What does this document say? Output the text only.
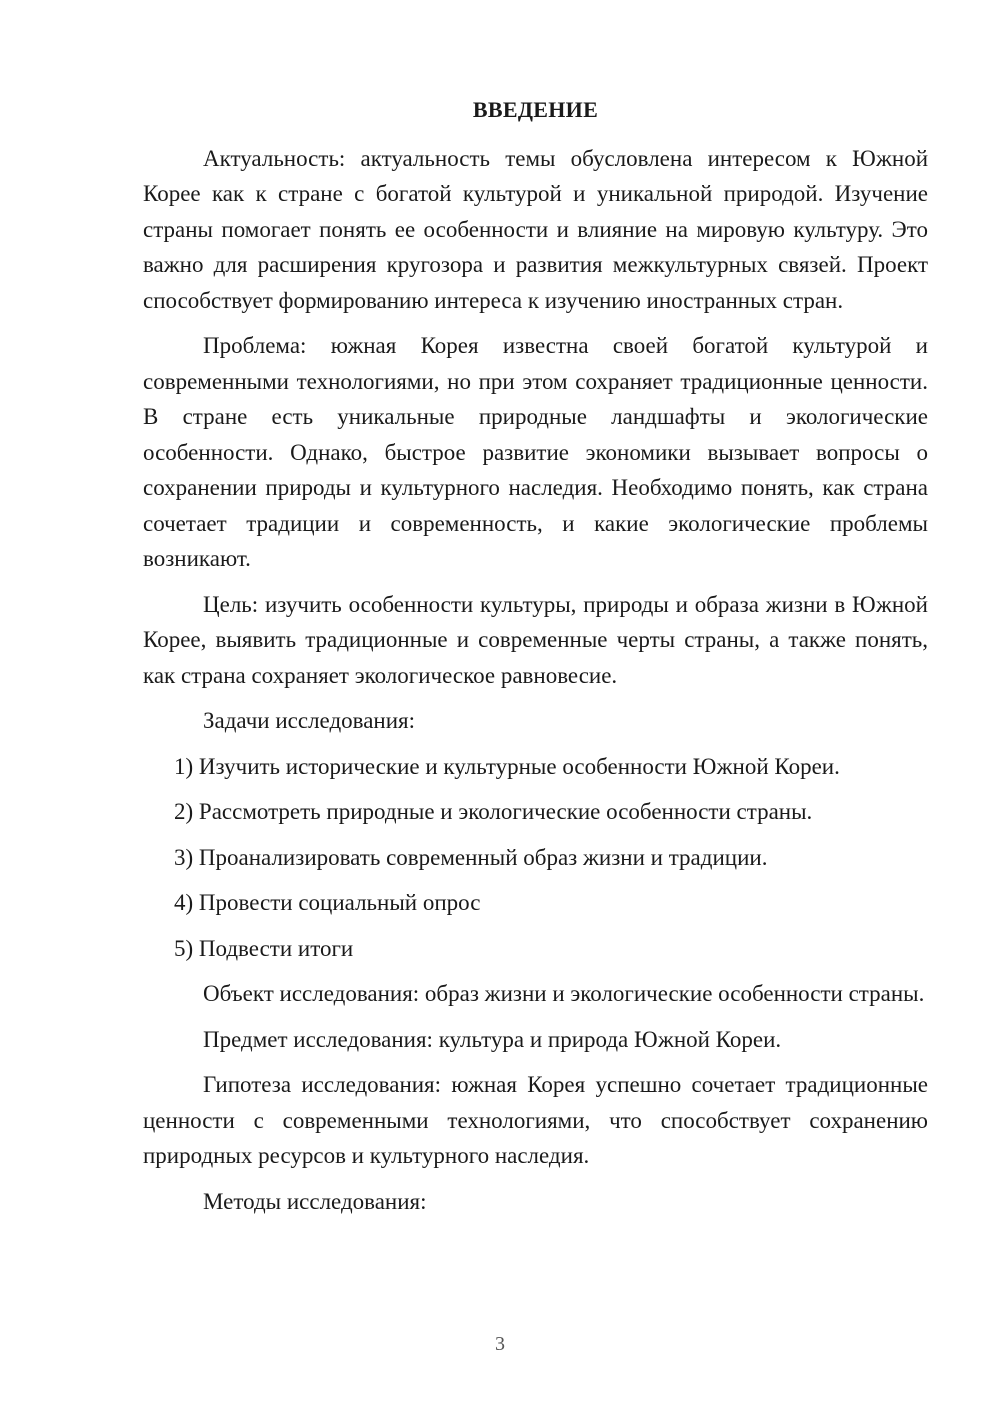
ВВЕДЕНИЕ

Актуальность: актуальность темы обусловлена интересом к Южной Корее как к стране с богатой культурой и уникальной природой. Изучение страны помогает понять ее особенности и влияние на мировую культуру. Это важно для расширения кругозора и развития межкультурных связей. Проект способствует формированию интереса к изучению иностранных стран.

Проблема: южная Корея известна своей богатой культурой и современными технологиями, но при этом сохраняет традиционные ценности. В стране есть уникальные природные ландшафты и экологические особенности. Однако, быстрое развитие экономики вызывает вопросы о сохранении природы и культурного наследия. Необходимо понять, как страна сочетает традиции и современность, и какие экологические проблемы возникают.

Цель: изучить особенности культуры, природы и образа жизни в Южной Корее, выявить традиционные и современные черты страны, а также понять, как страна сохраняет экологическое равновесие.

Задачи исследования:

1) Изучить исторические и культурные особенности Южной Кореи.
2) Рассмотреть природные и экологические особенности страны.
3) Проанализировать современный образ жизни и традиции.
4) Провести социальный опрос
5) Подвести итоги

Объект исследования: образ жизни и экологические особенности страны.

Предмет исследования: культура и природа Южной Кореи.

Гипотеза исследования: южная Корея успешно сочетает традиционные ценности с современными технологиями, что способствует сохранению природных ресурсов и культурного наследия.

Методы исследования:

3
